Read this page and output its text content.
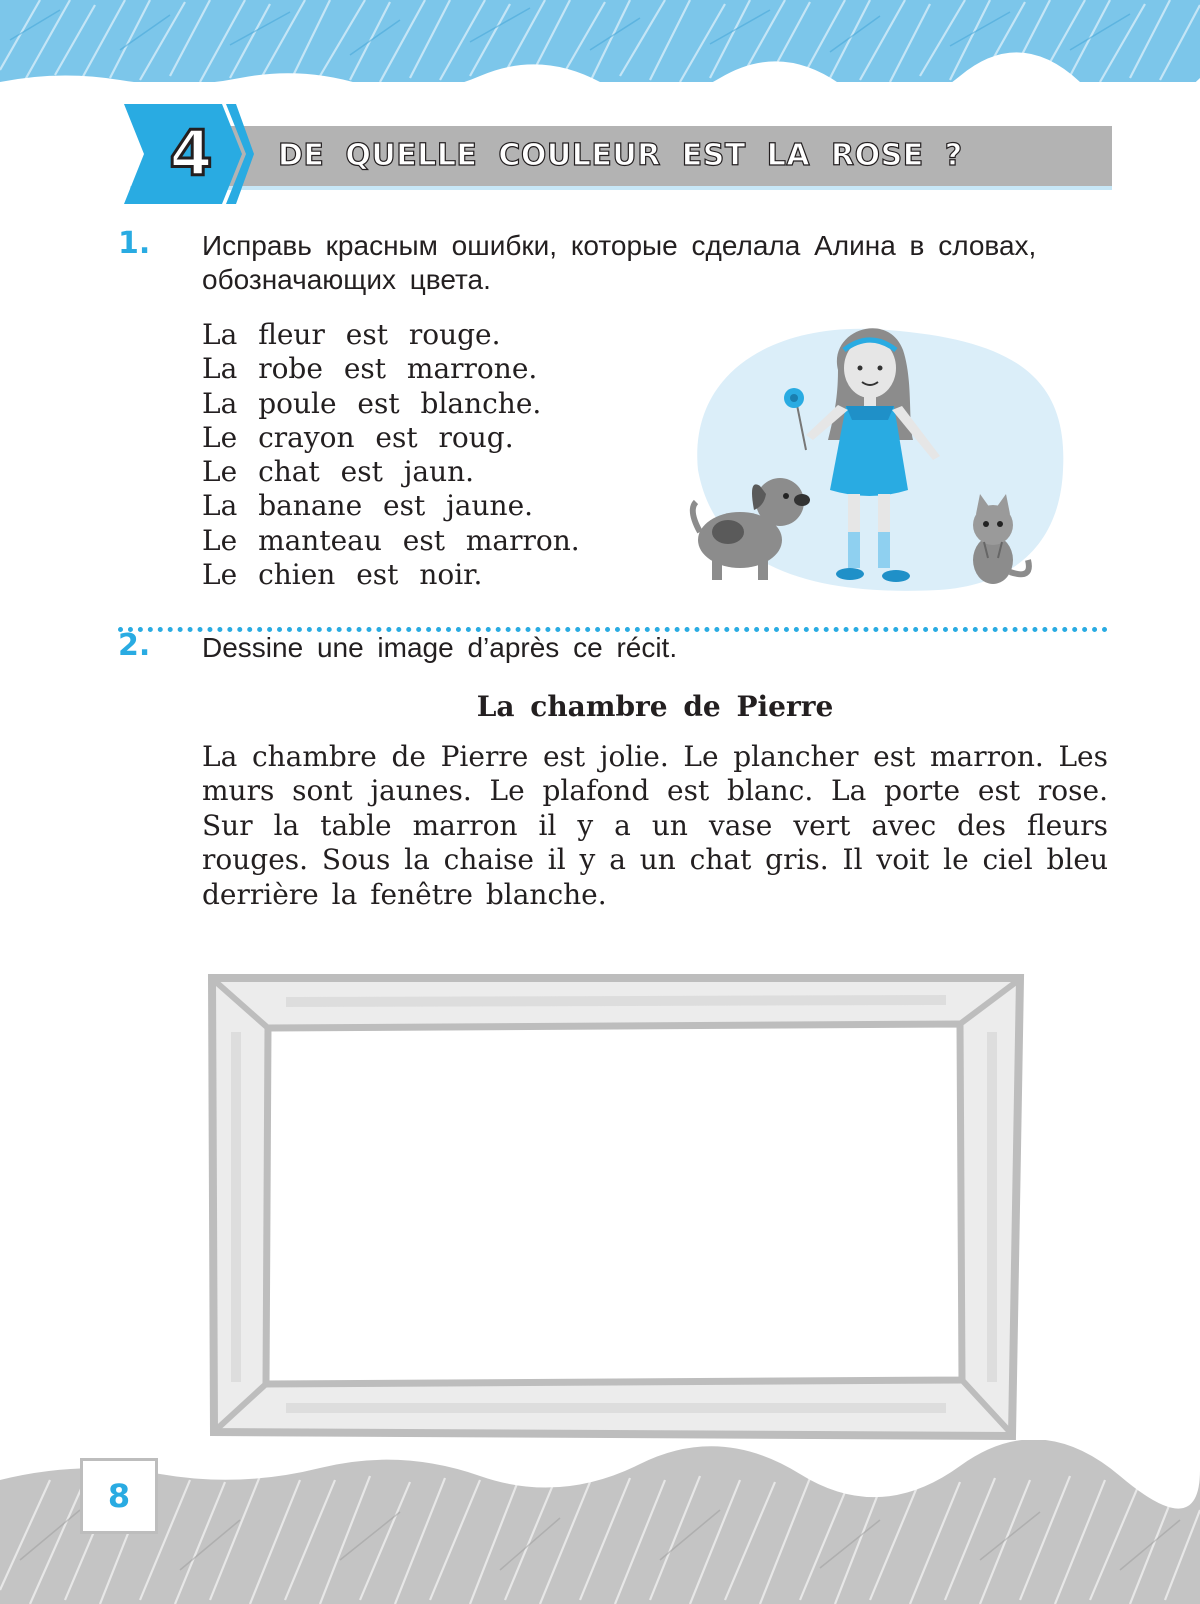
4	DE QUELLE COULEUR EST LA ROSE ?
1. Исправь красным ошибки, которые сделала Алина в словах, обозначающих цвета.
La fleur est rouge.
La robe est marrone.
La poule est blanche.
Le crayon est roug.
Le chat est jaun.
La banane est jaune.
Le manteau est marron.
Le chien est noir.
2. Dessine une image d’après ce récit.
La chambre de Pierre

La chambre de Pierre est jolie. Le plancher est marron. Les murs sont jaunes. Le plafond est blanc. La porte est rose. Sur la table marron il y a un vase vert avec des fleurs rouges. Sous la chaise il y a un chat gris. Il voit le ciel bleu derrière la fenêtre blanche.

8
